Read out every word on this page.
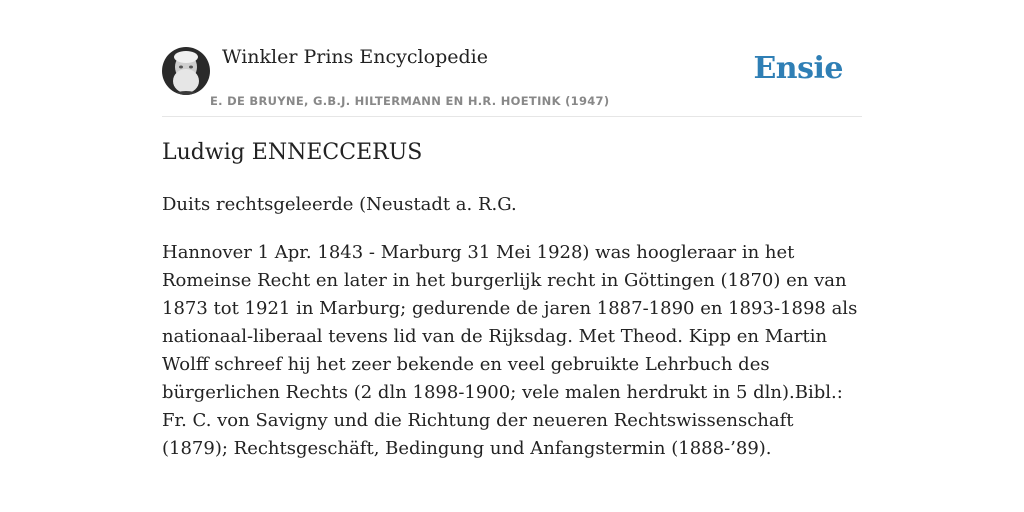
Winkler Prins Encyclopedie
E. DE BRUYNE, G.B.J. HILTERMANN EN H.R. HOETINK (1947)
Ensie
Ludwig ENNECCERUS

Duits rechtsgeleerde (Neustadt a. R.G.

Hannover 1 Apr. 1843 - Marburg 31 Mei 1928) was hoogleraar in het Romeinse Recht en later in het burgerlijk recht in Göttingen (1870) en van 1873 tot 1921 in Marburg; gedurende de jaren 1887-1890 en 1893-1898 als nationaal-liberaal tevens lid van de Rijksdag. Met Theod. Kipp en Martin Wolff schreef hij het zeer bekende en veel gebruikte Lehrbuch des bürgerlichen Rechts (2 dln 1898-1900; vele malen herdrukt in 5 dln).Bibl.: Fr. C. von Savigny und die Richtung der neueren Rechtswissenschaft (1879); Rechtsgeschäft, Bedingung und Anfangstermin (1888-’89).
